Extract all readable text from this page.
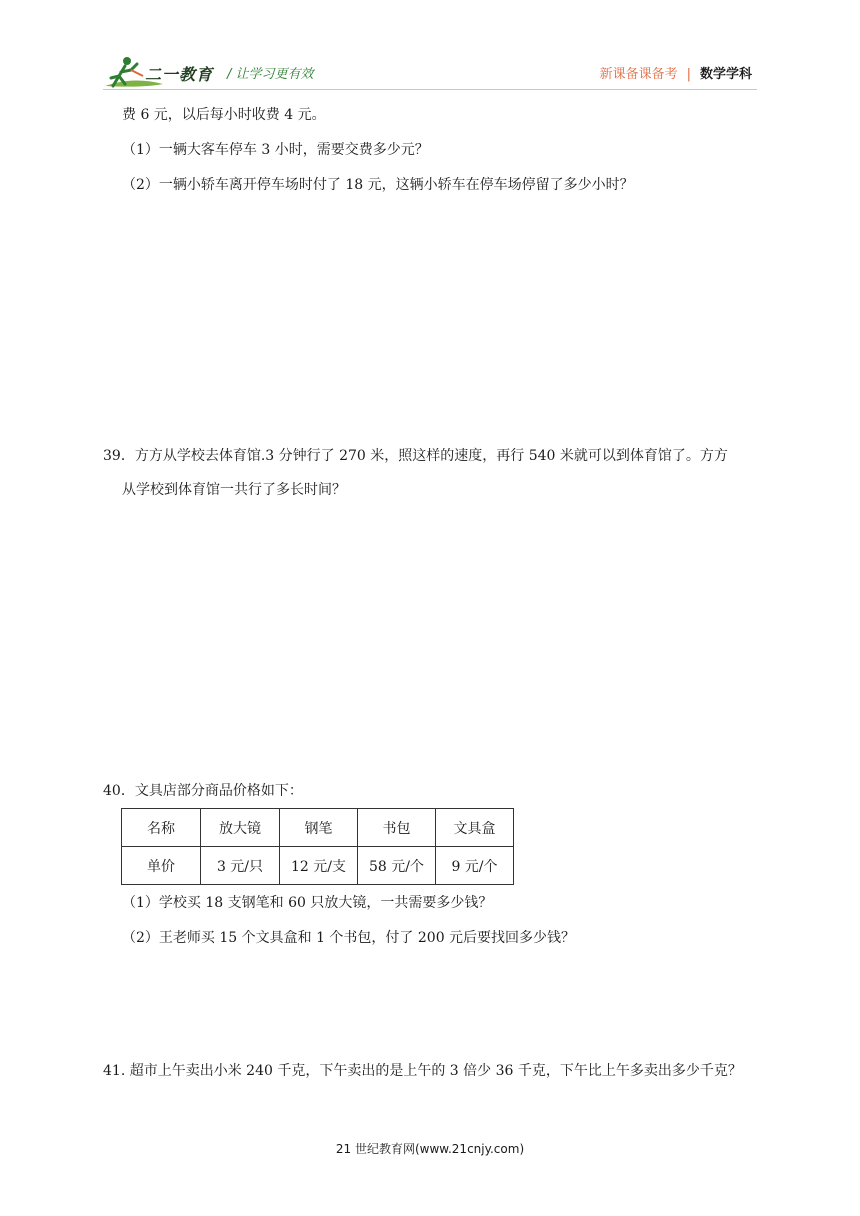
二一教育 / 让学习更有效	新课备课备考 | 数学学科
费 6 元，以后每小时收费 4 元。
（1）一辆大客车停车 3 小时，需要交费多少元？
（2）一辆小轿车离开停车场时付了 18 元，这辆小轿车在停车场停留了多少小时？
39．方方从学校去体育馆.3 分钟行了 270 米，照这样的速度，再行 540 米就可以到体育馆了。方方
从学校到体育馆一共行了多长时间？
40．文具店部分商品价格如下：
名称	放大镜	钢笔	书包	文具盒
单价	3 元/只	12 元/支	58 元/个	9 元/个
（1）学校买 18 支钢笔和 60 只放大镜，一共需要多少钱？
（2）王老师买 15 个文具盒和 1 个书包，付了 200 元后要找回多少钱？
41. 超市上午卖出小米 240 千克，下午卖出的是上午的 3 倍少 36 千克，下午比上午多卖出多少千克？
21 世纪教育网(www.21cnjy.com)
